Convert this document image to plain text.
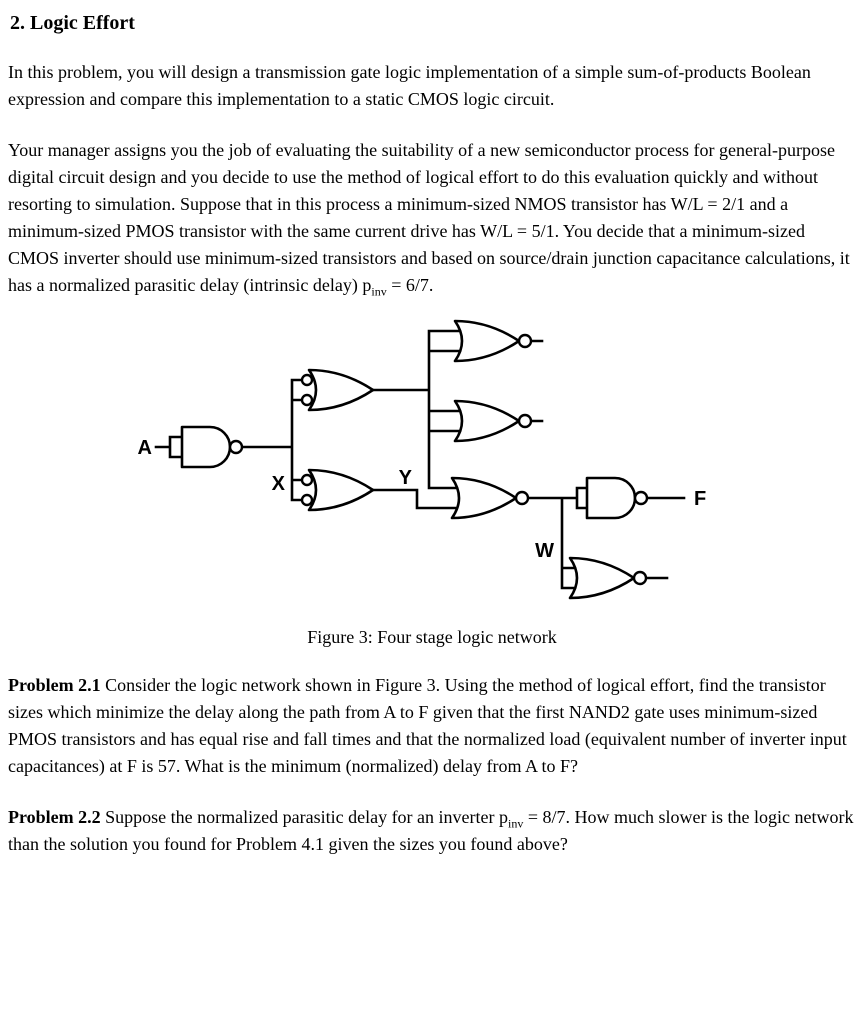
2. Logic Effort

In this problem, you will design a transmission gate logic implementation of a simple sum-of-products Boolean expression and compare this implementation to a static CMOS logic circuit.

Your manager assigns you the job of evaluating the suitability of a new semiconductor process for general-purpose digital circuit design and you decide to use the method of logical effort to do this evaluation quickly and without resorting to simulation. Suppose that in this process a minimum-sized NMOS transistor has W/L = 2/1 and a minimum-sized PMOS transistor with the same current drive has W/L = 5/1. You decide that a minimum-sized CMOS inverter should use minimum-sized transistors and based on source/drain junction capacitance calculations, it has a normalized parasitic delay (intrinsic delay) $p_{inv} = 6/7$.

A
X	Y
W
F
Figure 3: Four stage logic network

Problem 2.1 Consider the logic network shown in Figure 3. Using the method of logical effort, find the transistor sizes which minimize the delay along the path from A to F given that the first NAND2 gate uses minimum-sized PMOS transistors and has equal rise and fall times and that the normalized load (equivalent number of inverter input capacitances) at F is 57. What is the minimum (normalized) delay from A to F?

Problem 2.2 Suppose the normalized parasitic delay for an inverter $p_{inv} = 8/7$. How much slower is the logic network than the solution you found for Problem 4.1 given the sizes you found above?
